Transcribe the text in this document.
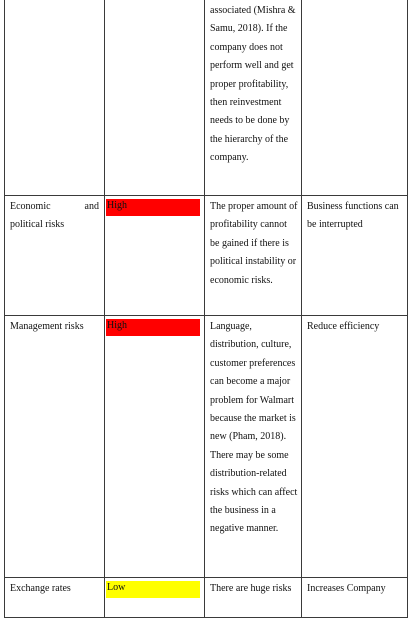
		associated (Mishra & Samu, 2018). If the company does not perform well and get proper profitability, then reinvestment needs to be done by the hierarchy of the company.	

Economic and
political risks	High	The proper amount of profitability cannot be gained if there is political instability or economic risks.	Business functions can be interrupted

Management risks	High	Language, distribution, culture, customer preferences can become a major problem for Walmart because the market is new (Pham, 2018). There may be some distribution-related risks which can affect the business in a negative manner.	Reduce efficiency

Exchange rates	Low	There are huge risks	Increases Company
